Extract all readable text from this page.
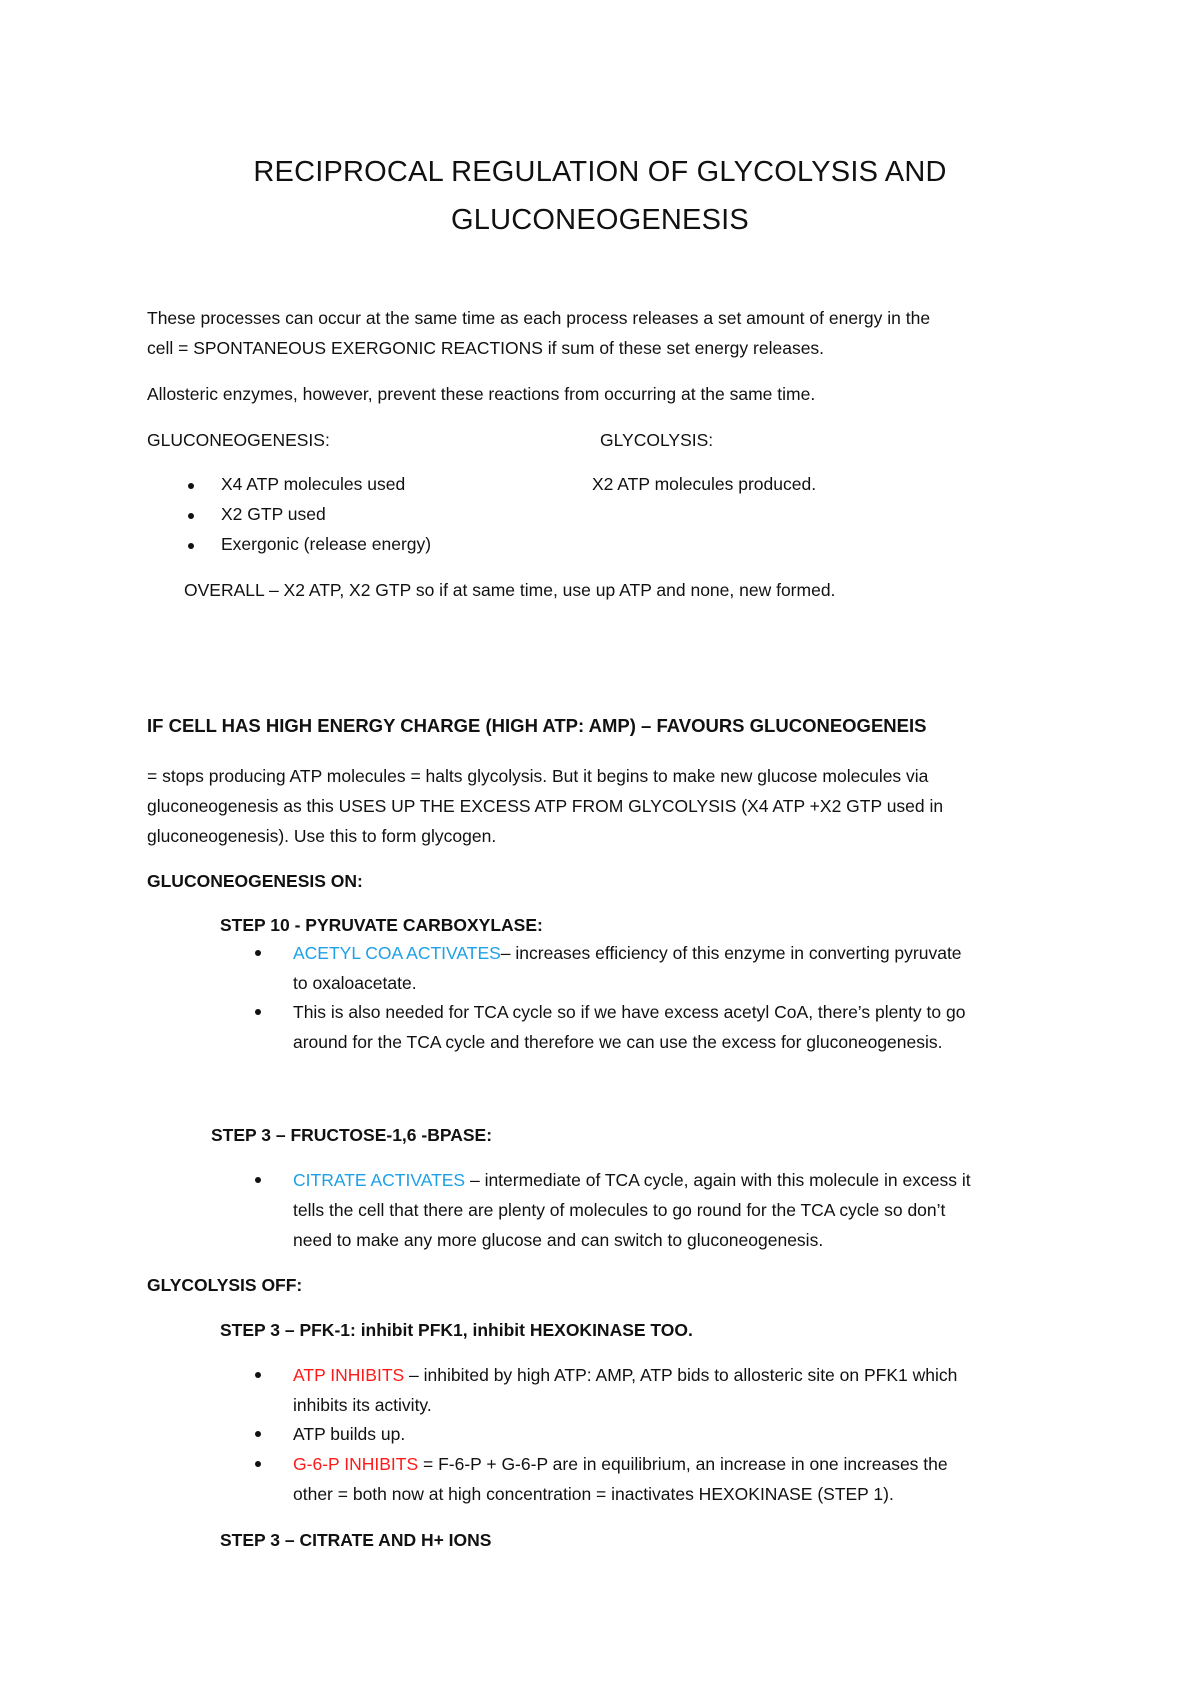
RECIPROCAL REGULATION OF GLYCOLYSIS AND
GLUCONEOGENESIS
These processes can occur at the same time as each process releases a set amount of energy in the
cell = SPONTANEOUS EXERGONIC REACTIONS if sum of these set energy releases.
Allosteric enzymes, however, prevent these reactions from occurring at the same time.
GLUCONEOGENESIS:	GLYCOLYSIS:
X4 ATP molecules used	X2 ATP molecules produced.
X2 GTP used
Exergonic (release energy)
OVERALL – X2 ATP, X2 GTP so if at same time, use up ATP and none, new formed.
IF CELL HAS HIGH ENERGY CHARGE (HIGH ATP: AMP) – FAVOURS GLUCONEOGENEIS
= stops producing ATP molecules = halts glycolysis. But it begins to make new glucose molecules via
gluconeogenesis as this USES UP THE EXCESS ATP FROM GLYCOLYSIS (X4 ATP +X2 GTP used in
gluconeogenesis). Use this to form glycogen.
GLUCONEOGENESIS ON:
STEP 10 - PYRUVATE CARBOXYLASE:
ACETYL COA ACTIVATES– increases efficiency of this enzyme in converting pyruvate
to oxaloacetate.
This is also needed for TCA cycle so if we have excess acetyl CoA, there’s plenty to go
around for the TCA cycle and therefore we can use the excess for gluconeogenesis.
STEP 3 – FRUCTOSE-1,6 -BPASE:
CITRATE ACTIVATES – intermediate of TCA cycle, again with this molecule in excess it
tells the cell that there are plenty of molecules to go round for the TCA cycle so don’t
need to make any more glucose and can switch to gluconeogenesis.
GLYCOLYSIS OFF:
STEP 3 – PFK-1: inhibit PFK1, inhibit HEXOKINASE TOO.
ATP INHIBITS – inhibited by high ATP: AMP, ATP bids to allosteric site on PFK1 which
inhibits its activity.
ATP builds up.
G-6-P INHIBITS = F-6-P + G-6-P are in equilibrium, an increase in one increases the
other = both now at high concentration = inactivates HEXOKINASE (STEP 1).
STEP 3 – CITRATE AND H+ IONS
